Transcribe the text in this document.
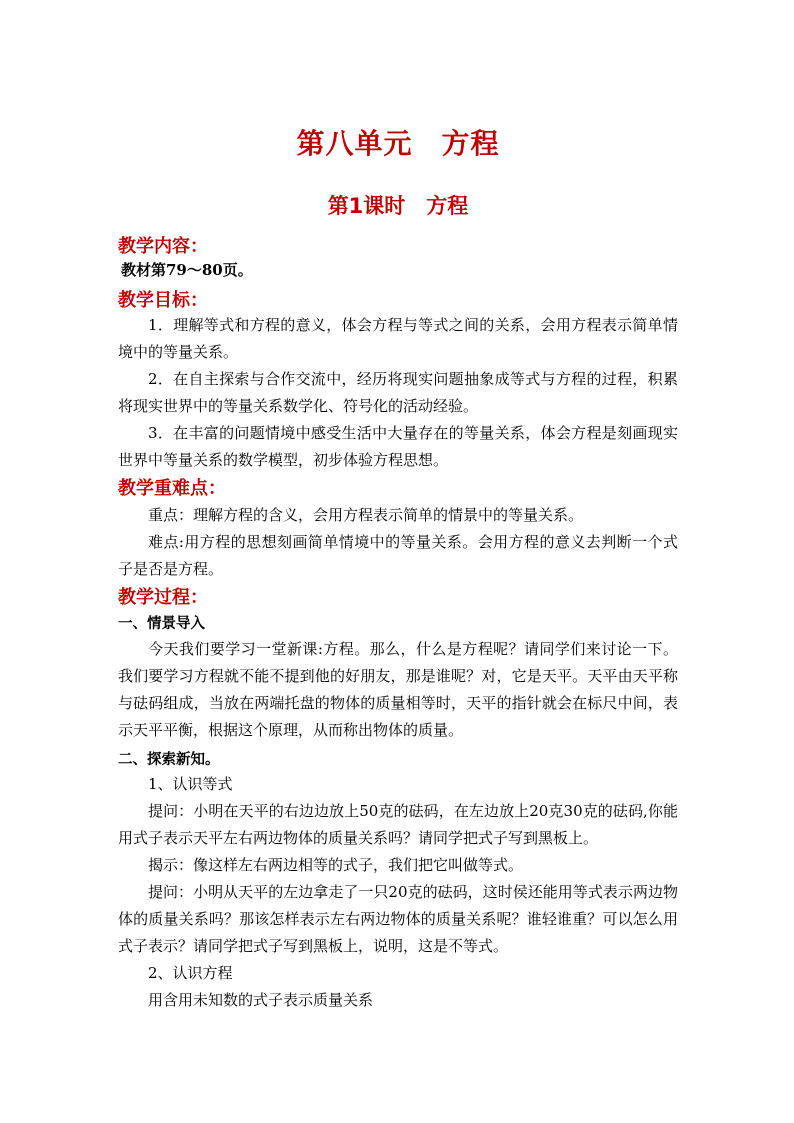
第八单元　方程
第1课时　方程
教学内容：

教材第79～80页。

教学目标：

1．理解等式和方程的意义，体会方程与等式之间的关系，会用方程表示简单情境中的等量关系。

2．在自主探索与合作交流中，经历将现实问题抽象成等式与方程的过程，积累将现实世界中的等量关系数学化、符号化的活动经验。

3．在丰富的问题情境中感受生活中大量存在的等量关系，体会方程是刻画现实世界中等量关系的数学模型，初步体验方程思想。

教学重难点：

重点：理解方程的含义，会用方程表示简单的情景中的等量关系。

难点:用方程的思想刻画简单情境中的等量关系。会用方程的意义去判断一个式子是否是方程。

教学过程：
一、情景导入

今天我们要学习一堂新课:方程。那么，什么是方程呢？请同学们来讨论一下。我们要学习方程就不能不提到他的好朋友，那是谁呢？对，它是天平。天平由天平称与砝码组成，当放在两端托盘的物体的质量相等时，天平的指针就会在标尺中间，表示天平平衡，根据这个原理，从而称出物体的质量。

二、探索新知。

1、认识等式

提问：小明在天平的右边边放上50克的砝码，在左边放上20克30克的砝码,你能用式子表示天平左右两边物体的质量关系吗？请同学把式子写到黑板上。

揭示：像这样左右两边相等的式子，我们把它叫做等式。

提问：小明从天平的左边拿走了一只20克的砝码，这时侯还能用等式表示两边物体的质量关系吗？那该怎样表示左右两边物体的质量关系呢？谁轻谁重？可以怎么用式子表示？请同学把式子写到黑板上，说明，这是不等式。

2、认识方程

用含用未知数的式子表示质量关系
